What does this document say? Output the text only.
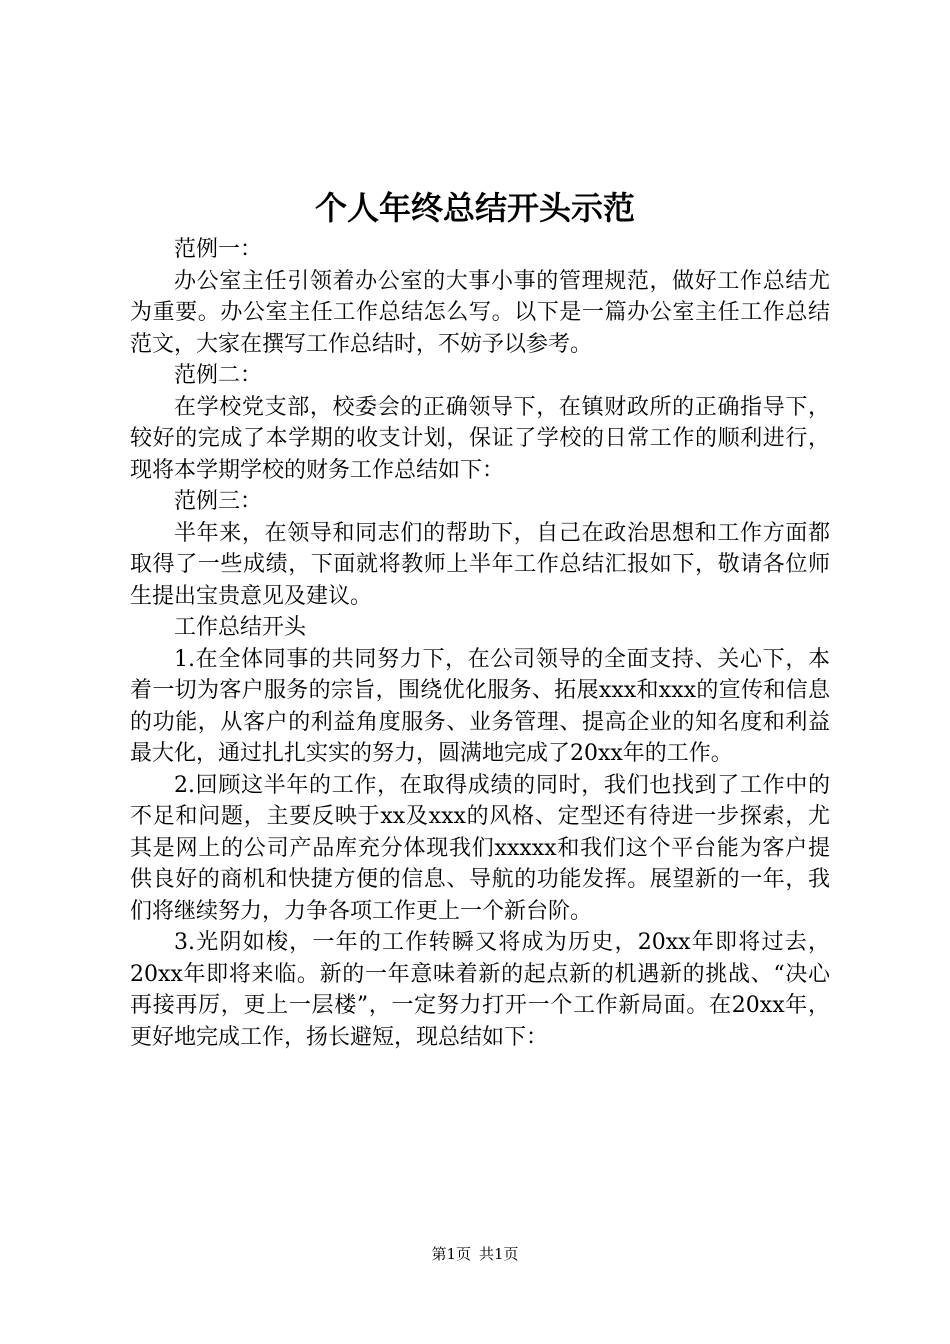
个人年终总结开头示范

范例一：

办公室主任引领着办公室的大事小事的管理规范，做好工作总结尤为重要。办公室主任工作总结怎么写。以下是一篇办公室主任工作总结范文，大家在撰写工作总结时，不妨予以参考。

范例二：

在学校党支部，校委会的正确领导下，在镇财政所的正确指导下，较好的完成了本学期的收支计划，保证了学校的日常工作的顺利进行，现将本学期学校的财务工作总结如下：

范例三：

半年来，在领导和同志们的帮助下，自己在政治思想和工作方面都取得了一些成绩，下面就将教师上半年工作总结汇报如下，敬请各位师生提出宝贵意见及建议。

工作总结开头

1.在全体同事的共同努力下，在公司领导的全面支持、关心下，本着一切为客户服务的宗旨，围绕优化服务、拓展xxx和xxx的宣传和信息的功能，从客户的利益角度服务、业务管理、提高企业的知名度和利益最大化，通过扎扎实实的努力，圆满地完成了20xx年的工作。

2.回顾这半年的工作，在取得成绩的同时，我们也找到了工作中的不足和问题，主要反映于xx及xxx的风格、定型还有待进一步探索，尤其是网上的公司产品库充分体现我们xxxxx和我们这个平台能为客户提供良好的商机和快捷方便的信息、导航的功能发挥。展望新的一年，我们将继续努力，力争各项工作更上一个新台阶。

3.光阴如梭，一年的工作转瞬又将成为历史，20xx年即将过去，20xx年即将来临。新的一年意味着新的起点新的机遇新的挑战、“决心再接再厉，更上一层楼”，一定努力打开一个工作新局面。在20xx年，更好地完成工作，扬长避短，现总结如下：

第1页 共1页
